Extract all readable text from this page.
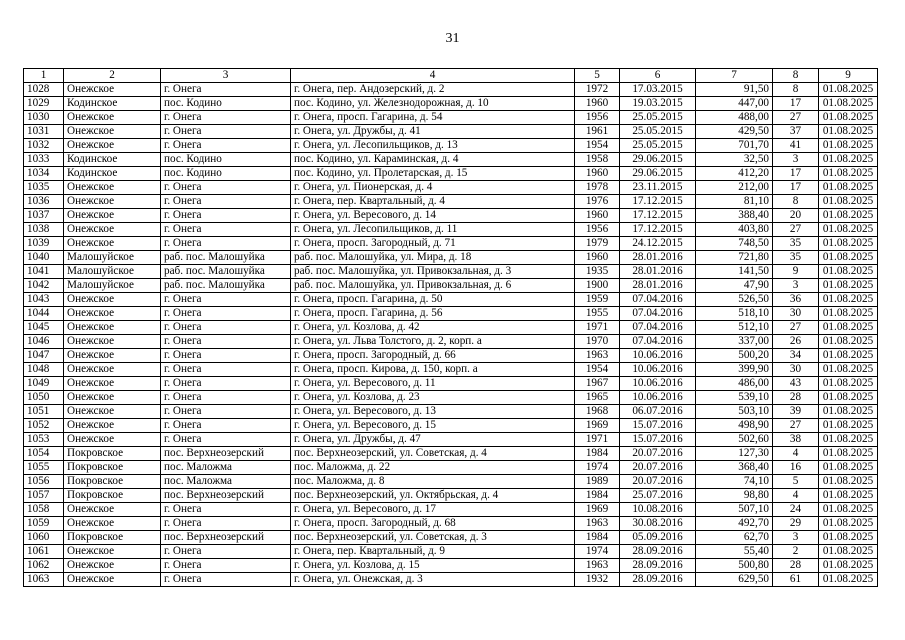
31
1	2	3	4	5	6	7	8	9
1028	Онежское	г. Онега	г. Онега, пер. Андозерский, д. 2	1972	17.03.2015	91,50	8	01.08.2025
1029	Кодинское	пос. Кодино	пос. Кодино, ул. Железнодорожная, д. 10	1960	19.03.2015	447,00	17	01.08.2025
1030	Онежское	г. Онега	г. Онега, просп. Гагарина, д. 54	1956	25.05.2015	488,00	27	01.08.2025
1031	Онежское	г. Онега	г. Онега, ул. Дружбы, д. 41	1961	25.05.2015	429,50	37	01.08.2025
1032	Онежское	г. Онега	г. Онега, ул. Лесопильщиков, д. 13	1954	25.05.2015	701,70	41	01.08.2025
1033	Кодинское	пос. Кодино	пос. Кодино, ул. Караминская, д. 4	1958	29.06.2015	32,50	3	01.08.2025
1034	Кодинское	пос. Кодино	пос. Кодино, ул. Пролетарская, д. 15	1960	29.06.2015	412,20	17	01.08.2025
1035	Онежское	г. Онега	г. Онега, ул. Пионерская, д. 4	1978	23.11.2015	212,00	17	01.08.2025
1036	Онежское	г. Онега	г. Онега, пер. Квартальный, д. 4	1976	17.12.2015	81,10	8	01.08.2025
1037	Онежское	г. Онега	г. Онега, ул. Вересового, д. 14	1960	17.12.2015	388,40	20	01.08.2025
1038	Онежское	г. Онега	г. Онега, ул. Лесопильщиков, д. 11	1956	17.12.2015	403,80	27	01.08.2025
1039	Онежское	г. Онега	г. Онега, просп. Загородный, д. 71	1979	24.12.2015	748,50	35	01.08.2025
1040	Малошуйское	раб. пос. Малошуйка	раб. пос. Малошуйка, ул. Мира, д. 18	1960	28.01.2016	721,80	35	01.08.2025
1041	Малошуйское	раб. пос. Малошуйка	раб. пос. Малошуйка, ул. Привокзальная, д. 3	1935	28.01.2016	141,50	9	01.08.2025
1042	Малошуйское	раб. пос. Малошуйка	раб. пос. Малошуйка, ул. Привокзальная, д. 6	1900	28.01.2016	47,90	3	01.08.2025
1043	Онежское	г. Онега	г. Онега, просп. Гагарина, д. 50	1959	07.04.2016	526,50	36	01.08.2025
1044	Онежское	г. Онега	г. Онега, просп. Гагарина, д. 56	1955	07.04.2016	518,10	30	01.08.2025
1045	Онежское	г. Онега	г. Онега, ул. Козлова, д. 42	1971	07.04.2016	512,10	27	01.08.2025
1046	Онежское	г. Онега	г. Онега, ул. Льва Толстого, д. 2, корп. а	1970	07.04.2016	337,00	26	01.08.2025
1047	Онежское	г. Онега	г. Онега, просп. Загородный, д. 66	1963	10.06.2016	500,20	34	01.08.2025
1048	Онежское	г. Онега	г. Онега, просп. Кирова, д. 150, корп. а	1954	10.06.2016	399,90	30	01.08.2025
1049	Онежское	г. Онега	г. Онега, ул. Вересового, д. 11	1967	10.06.2016	486,00	43	01.08.2025
1050	Онежское	г. Онега	г. Онега, ул. Козлова, д. 23	1965	10.06.2016	539,10	28	01.08.2025
1051	Онежское	г. Онега	г. Онега, ул. Вересового, д. 13	1968	06.07.2016	503,10	39	01.08.2025
1052	Онежское	г. Онега	г. Онега, ул. Вересового, д. 15	1969	15.07.2016	498,90	27	01.08.2025
1053	Онежское	г. Онега	г. Онега, ул. Дружбы, д. 47	1971	15.07.2016	502,60	38	01.08.2025
1054	Покровское	пос. Верхнеозерский	пос. Верхнеозерский, ул. Советская, д. 4	1984	20.07.2016	127,30	4	01.08.2025
1055	Покровское	пос. Маложма	пос. Маложма, д. 22	1974	20.07.2016	368,40	16	01.08.2025
1056	Покровское	пос. Маложма	пос. Маложма, д. 8	1989	20.07.2016	74,10	5	01.08.2025
1057	Покровское	пос. Верхнеозерский	пос. Верхнеозерский, ул. Октябрьская, д. 4	1984	25.07.2016	98,80	4	01.08.2025
1058	Онежское	г. Онега	г. Онега, ул. Вересового, д. 17	1969	10.08.2016	507,10	24	01.08.2025
1059	Онежское	г. Онега	г. Онега, просп. Загородный, д. 68	1963	30.08.2016	492,70	29	01.08.2025
1060	Покровское	пос. Верхнеозерский	пос. Верхнеозерский, ул. Советская, д. 3	1984	05.09.2016	62,70	3	01.08.2025
1061	Онежское	г. Онега	г. Онега, пер. Квартальный, д. 9	1974	28.09.2016	55,40	2	01.08.2025
1062	Онежское	г. Онега	г. Онега, ул. Козлова, д. 15	1963	28.09.2016	500,80	28	01.08.2025
1063	Онежское	г. Онега	г. Онега, ул. Онежская, д. 3	1932	28.09.2016	629,50	61	01.08.2025
